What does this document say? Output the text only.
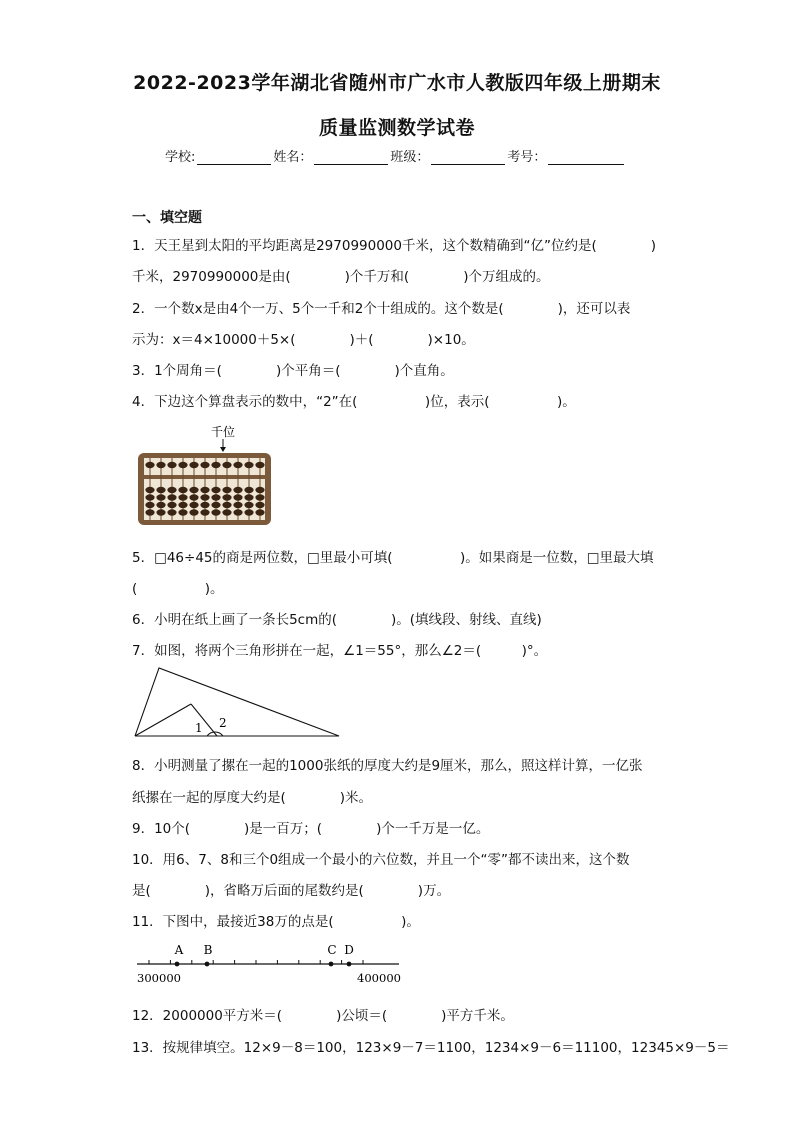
2022-2023学年湖北省随州市广水市人教版四年级上册期末
质量监测数学试卷
学校:	姓名：	班级：	考号：
一、填空题
1．天王星到太阳的平均距离是2970990000千米，这个数精确到“亿”位约是(　　　　)
千米，2970990000是由(　　　　)个千万和(　　　　)个万组成的。
2．一个数x是由4个一万、5个一千和2个十组成的。这个数是(　　　　)，还可以表
示为：x＝4×10000＋5×(　　　　)＋(　　　　)×10。
3．1个周角＝(　　　　)个平角＝(　　　　)个直角。
4．下边这个算盘表示的数中，“2”在(　　　　　)位，表示(　　　　　)。
千位
5．□46÷45的商是两位数，□里最小可填(　　　　　)。如果商是一位数，□里最大填
(　　　　　)。
6．小明在纸上画了一条长5cm的(　　　　)。(填线段、射线、直线)
7．如图，将两个三角形拼在一起，∠1＝55°，那么∠2＝(　　　)°。
1 2
8．小明测量了摞在一起的1000张纸的厚度大约是9厘米，那么，照这样计算，一亿张
纸摞在一起的厚度大约是(　　　　)米。
9．10个(　　　　)是一百万；(　　　　)个一千万是一亿。
10．用6、7、8和三个0组成一个最小的六位数，并且一个“零”都不读出来，这个数
是(　　　　)，省略万后面的尾数约是(　　　　)万。
11．下图中，最接近38万的点是(　　　　　)。
A B	C D
300000	400000
12．2000000平方米＝(　　　　)公顷＝(　　　　)平方千米。
13．按规律填空。12×9－8＝100，123×9－7＝1100，1234×9－6＝11100，12345×9－5＝
